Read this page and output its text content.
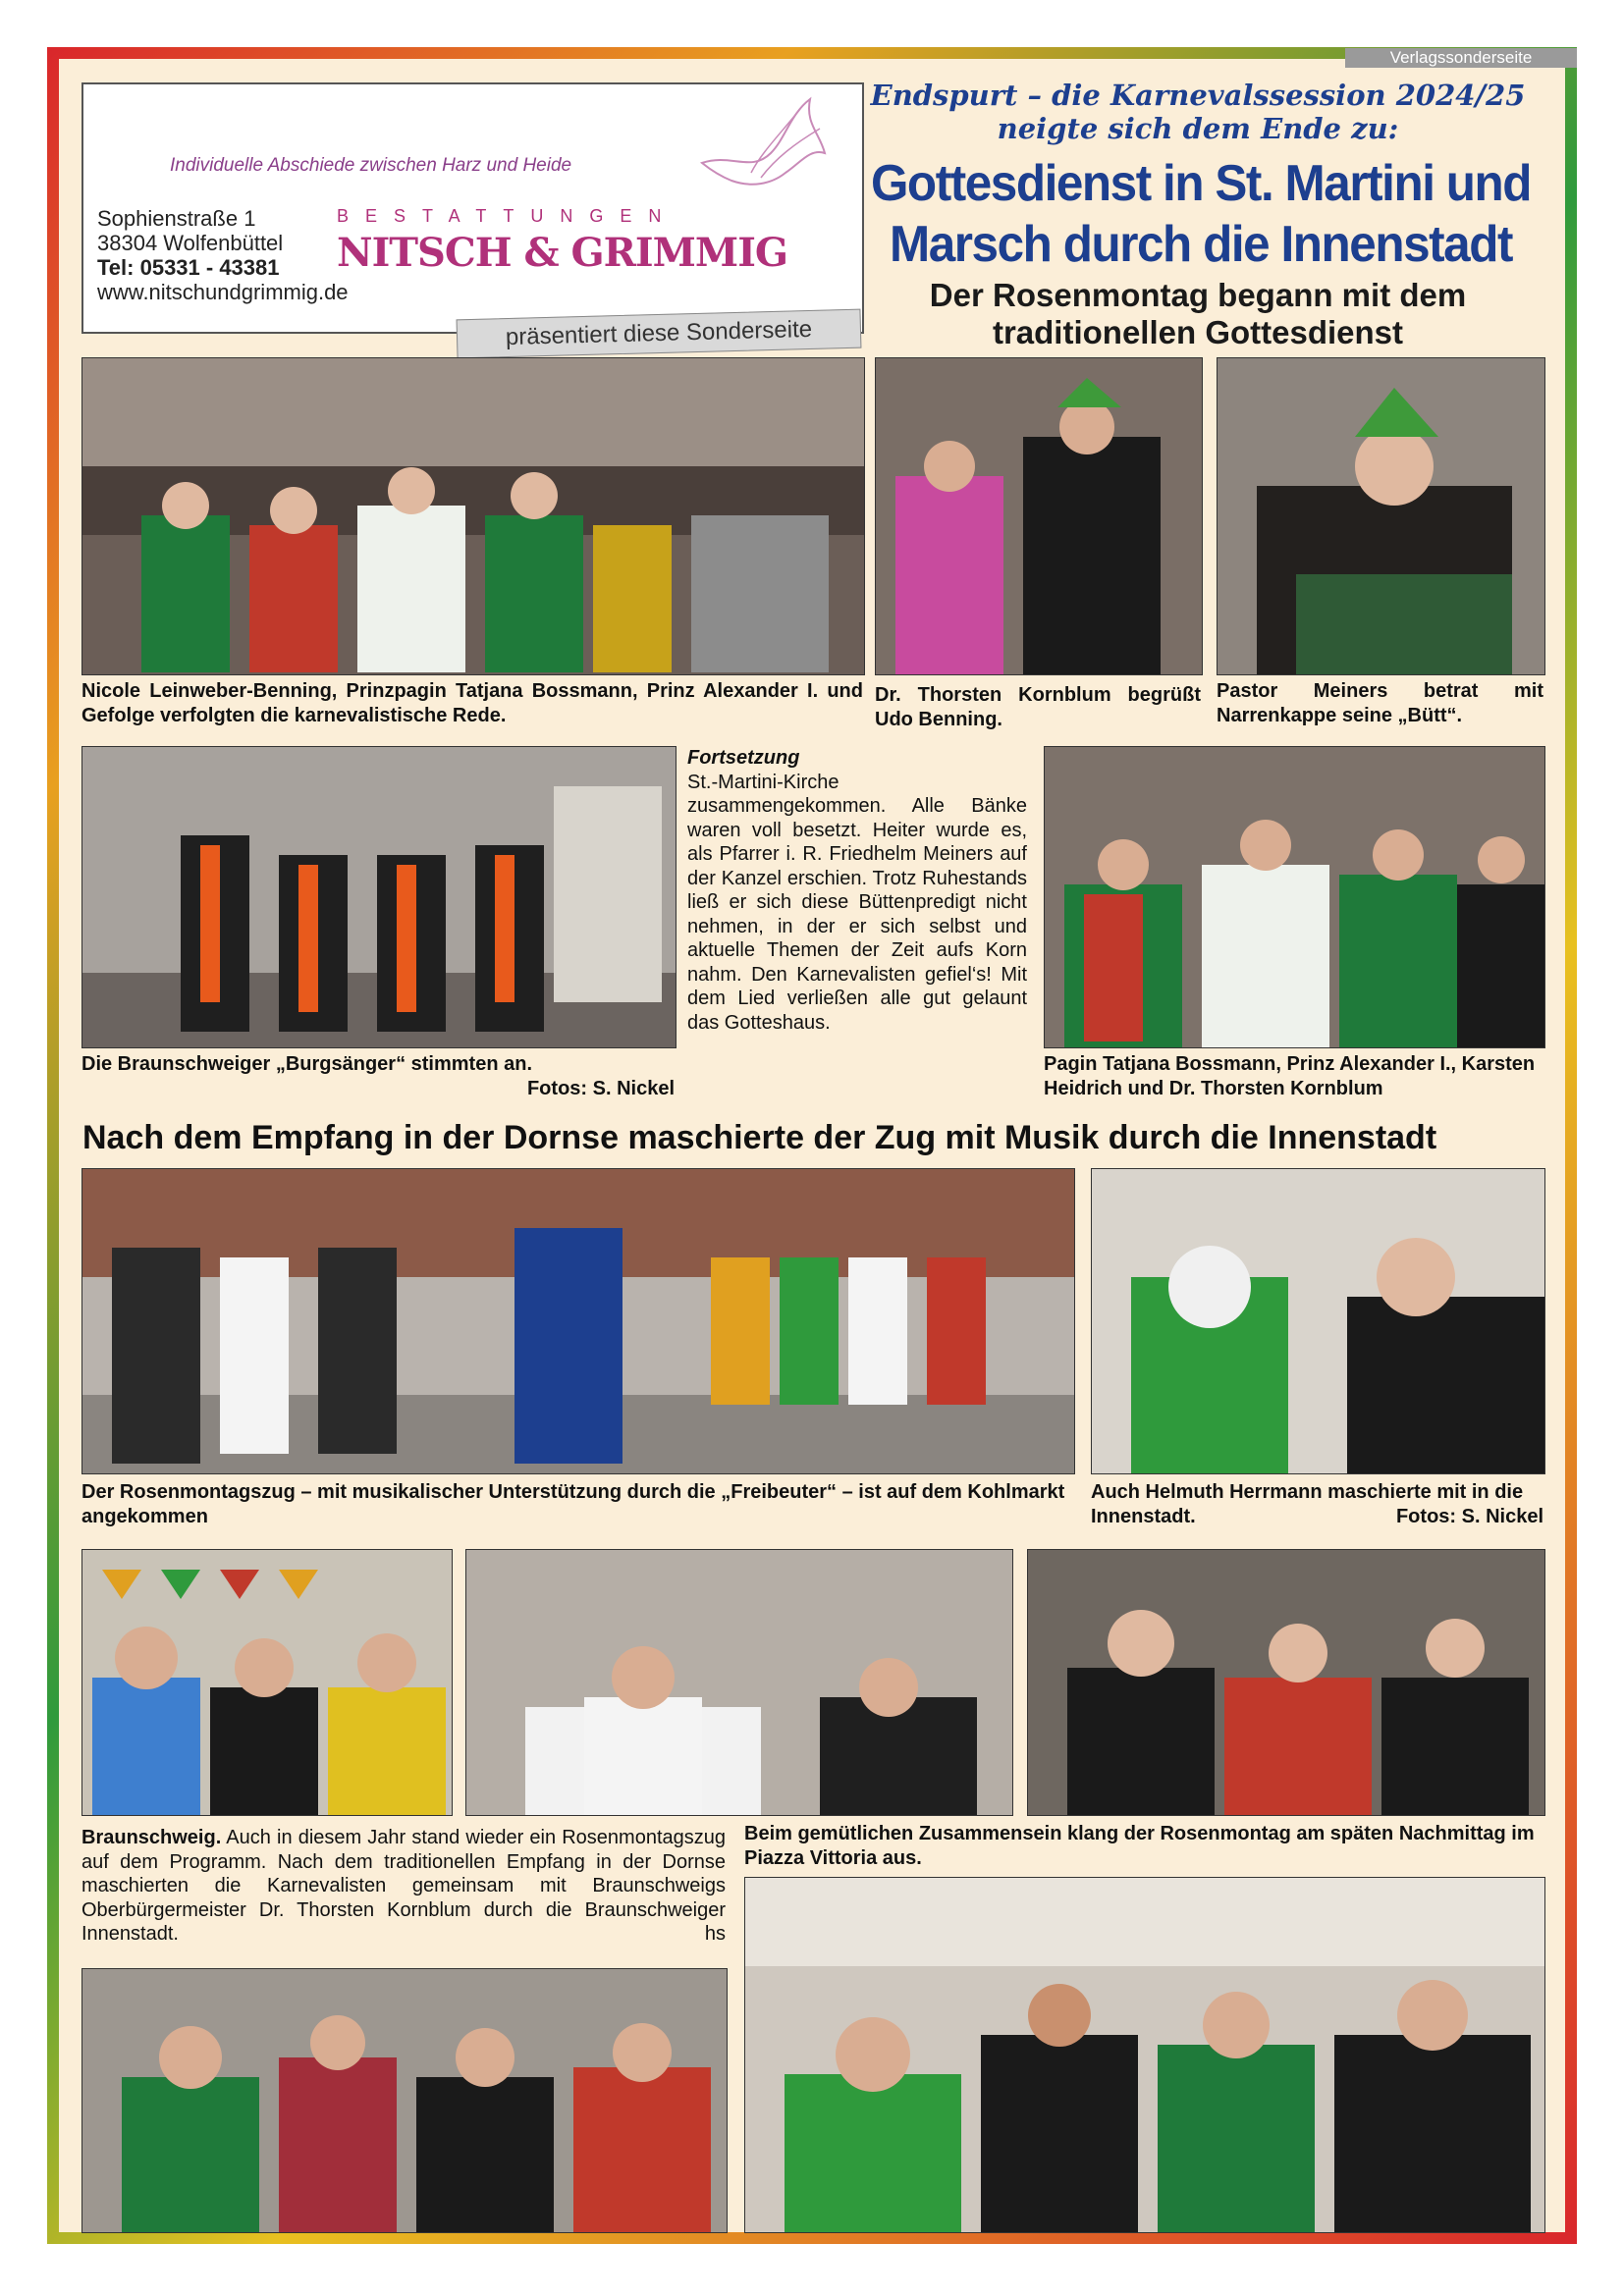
Verlagssonderseite
Individuelle Abschiede zwischen Harz und Heide
Sophienstraße 1
38304 Wolfenbüttel
Tel: 05331 - 43381
www.nitschundgrimmig.de
BESTATTUNGEN
NITSCH & GRIMMIG
präsentiert diese Sonderseite
Endspurt – die Karnevalssession 2024/25
neigte sich dem Ende zu:
Gottesdienst in St. Martini und
Marsch durch die Innenstadt
Der Rosenmontag begann mit dem
traditionellen Gottesdienst
Nicole Leinweber-Benning, Prinzpagin Tatjana Bossmann, Prinz Alexander I. und Gefolge verfolgten die karnevalistische Rede.
Dr. Thorsten Kornblum begrüßt Udo Benning.
Pastor Meiners betrat mit Narrenkappe seine „Bütt“.
Die Braunschweiger „Burgsänger“ stimmten an.
Fotos: S. Nickel
Fortsetzung
St.-Martini-Kirche zusammengekommen. Alle Bänke waren voll besetzt. Heiter wurde es, als Pfarrer i. R. Friedhelm Meiners auf der Kanzel erschien. Trotz Ruhestands ließ er sich diese Büttenpredigt nicht nehmen, in der er sich selbst und aktuelle Themen der Zeit aufs Korn nahm. Den Karnevalisten gefiel‘s! Mit dem Lied verließen alle gut gelaunt das Gotteshaus.
Pagin Tatjana Bossmann, Prinz Alexander I., Karsten Heidrich und Dr. Thorsten Kornblum
Nach dem Empfang in der Dornse maschierte der Zug mit Musik durch die Innenstadt
Der Rosenmontagszug – mit musikalischer Unterstützung durch die „Freibeuter“ – ist auf dem Kohlmarkt angekommen
Auch Helmuth Herrmann maschierte mit in die Innenstadt.	Fotos: S. Nickel
Braunschweig. Auch in diesem Jahr stand wieder ein Rosenmontagszug auf dem Programm. Nach dem traditionellen Empfang in der Dornse maschierten die Karnevalisten gemeinsam mit Braunschweigs Oberbürgermeister Dr. Thorsten Kornblum durch die Braunschweiger Innenstadt.	hs
Beim gemütlichen Zusammensein klang der Rosenmontag am späten Nachmittag im Piazza Vittoria aus.
